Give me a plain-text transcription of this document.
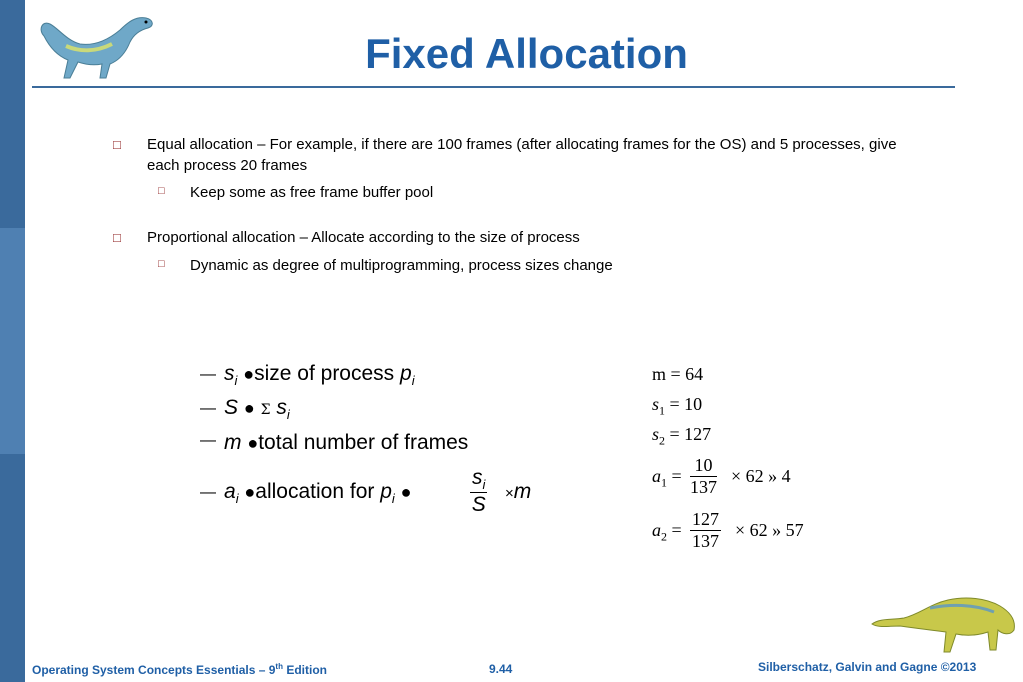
Fixed Allocation
□ Equal allocation – For example, if there are 100 frames (after allocating frames for the OS) and 5 processes, give each process 20 frames
□ Keep some as free frame buffer pool
□ Proportional allocation – Allocate according to the size of process
□ Dynamic as degree of multiprogramming, process sizes change
— $s_i$ ●size of process $p_i$
— S ● Σ $s_i$
— m ●total number of frames
— $a_i$ ●allocation for $p_i$ ●	$\frac{s_i}{S} \times m$
m = 64
$s_1 = 10$
$s_2 = 127$
$a_1 = \frac{10}{137} \times 62$ » 4
$a_2 = \frac{127}{137} \times 62$ » 57
Operating System Concepts Essentials – 9th Edition	9.44	Silberschatz, Galvin and Gagne ©2013
